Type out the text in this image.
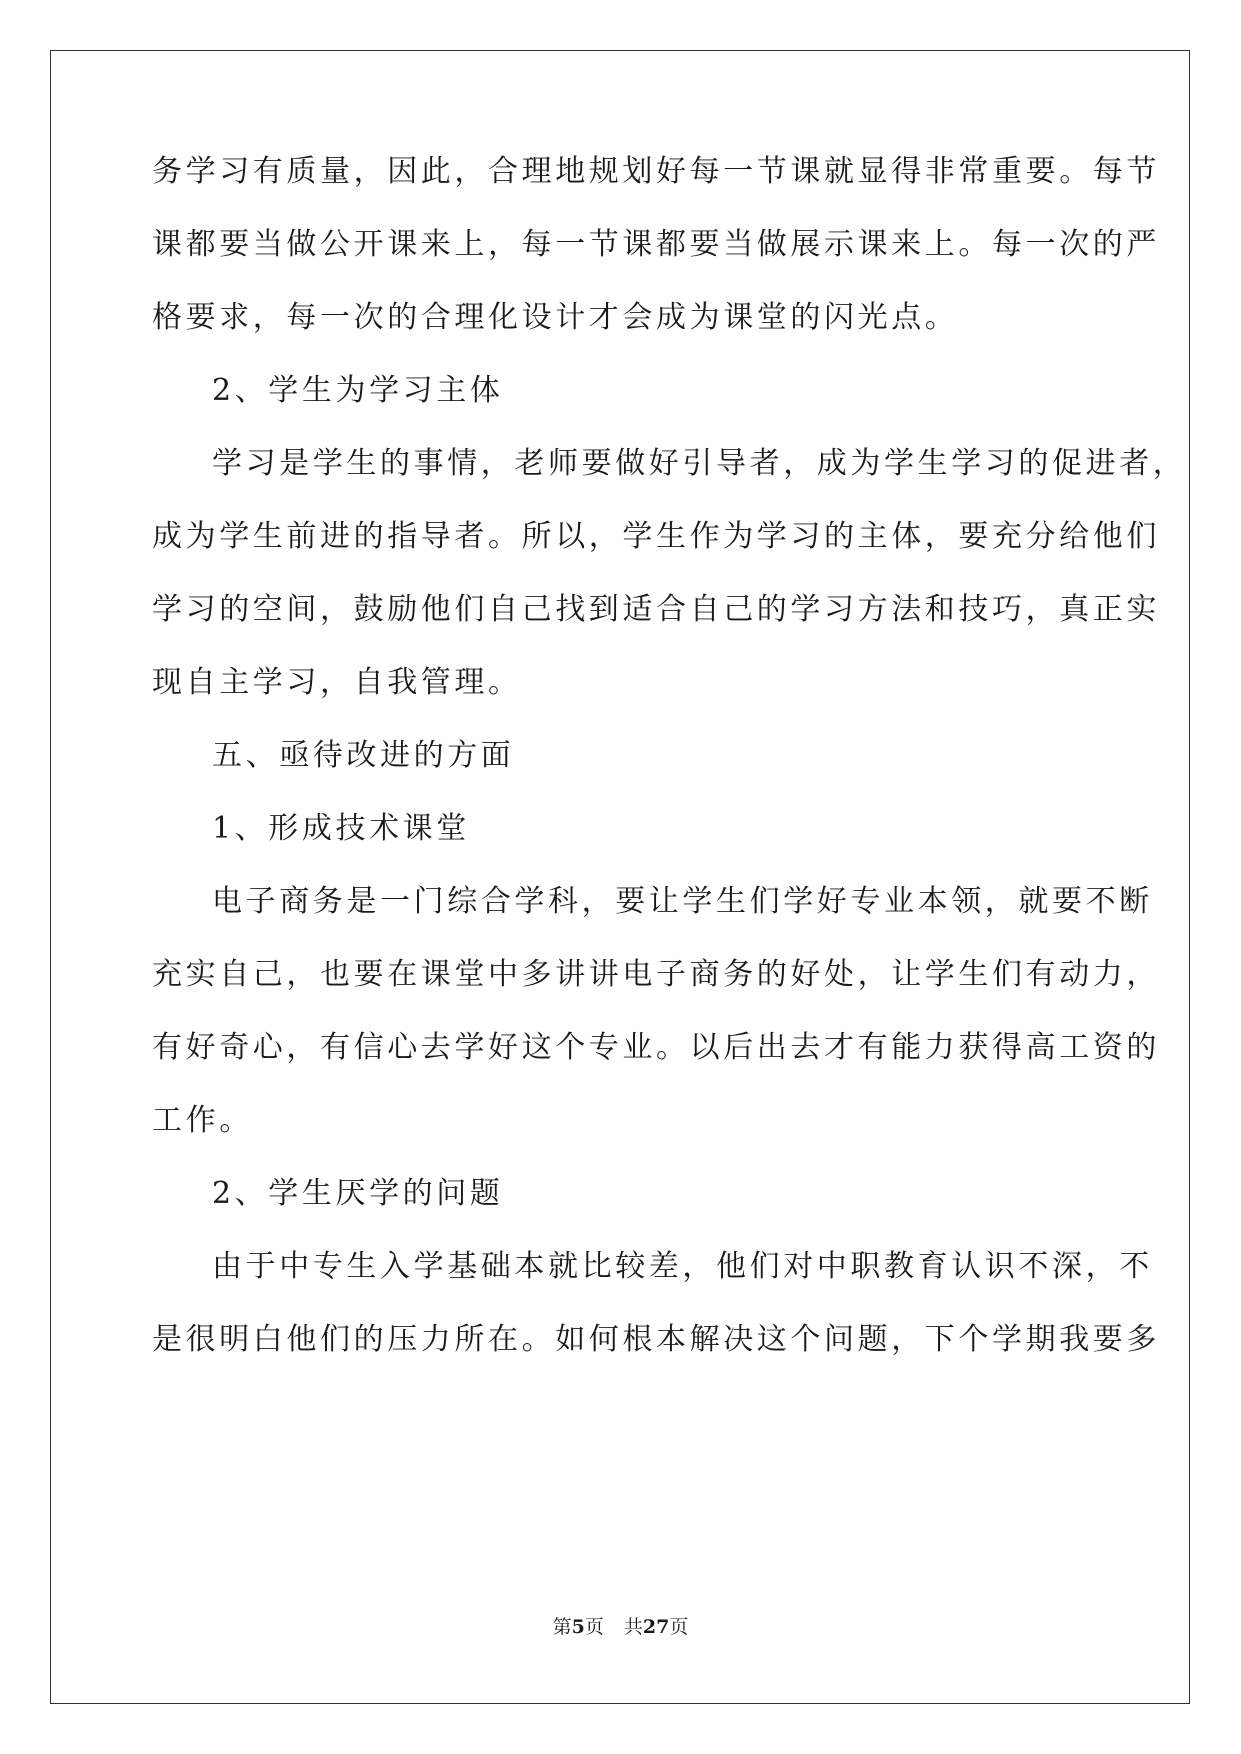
务学习有质量，因此，合理地规划好每一节课就显得非常重要。每节
课都要当做公开课来上，每一节课都要当做展示课来上。每一次的严
格要求，每一次的合理化设计才会成为课堂的闪光点。
2、学生为学习主体
学习是学生的事情，老师要做好引导者，成为学生学习的促进者，
成为学生前进的指导者。所以，学生作为学习的主体，要充分给他们
学习的空间，鼓励他们自己找到适合自己的学习方法和技巧，真正实
现自主学习，自我管理。
五、亟待改进的方面
1、形成技术课堂
电子商务是一门综合学科，要让学生们学好专业本领，就要不断
充实自己，也要在课堂中多讲讲电子商务的好处，让学生们有动力，
有好奇心，有信心去学好这个专业。以后出去才有能力获得高工资的
工作。
2、学生厌学的问题
由于中专生入学基础本就比较差，他们对中职教育认识不深，不
是很明白他们的压力所在。如何根本解决这个问题，下个学期我要多
第5页 共27页
